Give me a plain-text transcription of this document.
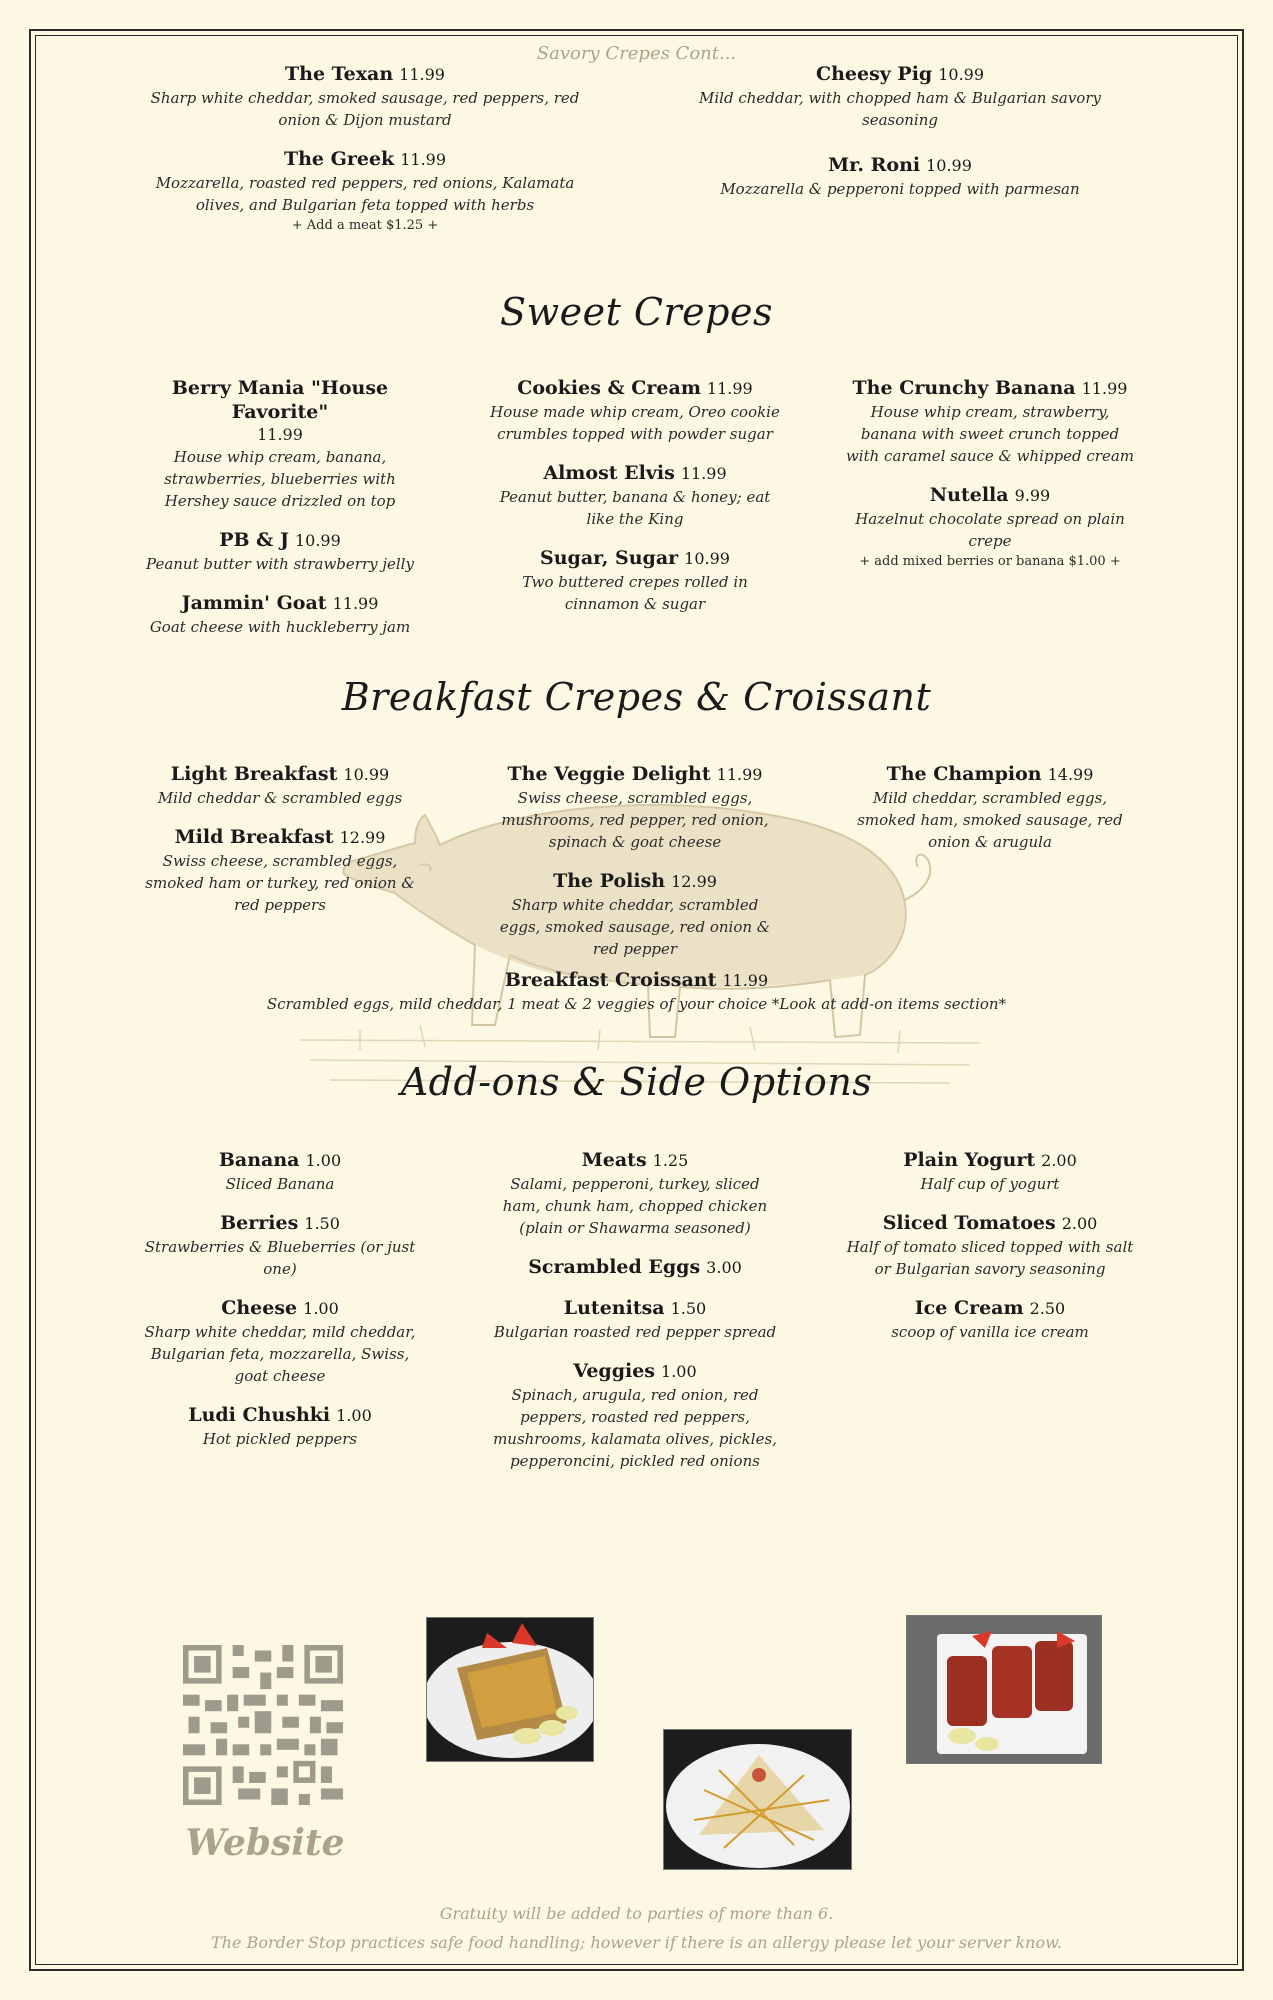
Savory Crepes Cont...
The Texan 11.99
Sharp white cheddar, smoked sausage, red peppers, red onion & Dijon mustard
The Greek 11.99
Mozzarella, roasted red peppers, red onions, Kalamata olives, and Bulgarian feta topped with herbs
+ Add a meat $1.25 +
Cheesy Pig 10.99
Mild cheddar, with chopped ham & Bulgarian savory seasoning
Mr. Roni 10.99
Mozzarella & pepperoni topped with parmesan
Sweet Crepes
Berry Mania "House Favorite"
11.99
House whip cream, banana, strawberries, blueberries with Hershey sauce drizzled on top
PB & J 10.99
Peanut butter with strawberry jelly
Jammin' Goat 11.99
Goat cheese with huckleberry jam
Cookies & Cream 11.99
House made whip cream, Oreo cookie crumbles topped with powder sugar
Almost Elvis 11.99
Peanut butter, banana & honey; eat like the King
Sugar, Sugar 10.99
Two buttered crepes rolled in cinnamon & sugar
The Crunchy Banana 11.99
House whip cream, strawberry, banana with sweet crunch topped with caramel sauce & whipped cream
Nutella 9.99
Hazelnut chocolate spread on plain crepe
+ add mixed berries or banana $1.00 +
Breakfast Crepes & Croissant
Light Breakfast 10.99
Mild cheddar & scrambled eggs
Mild Breakfast 12.99
Swiss cheese, scrambled eggs, smoked ham or turkey, red onion & red peppers
The Veggie Delight 11.99
Swiss cheese, scrambled eggs, mushrooms, red pepper, red onion, spinach & goat cheese
The Polish 12.99
Sharp white cheddar, scrambled eggs, smoked sausage, red onion & red pepper
The Champion 14.99
Mild cheddar, scrambled eggs, smoked ham, smoked sausage, red onion & arugula
Breakfast Croissant 11.99
Scrambled eggs, mild cheddar, 1 meat & 2 veggies of your choice *Look at add-on items section*
Add-ons & Side Options
Banana 1.00
Sliced Banana
Berries 1.50
Strawberries & Blueberries (or just one)
Cheese 1.00
Sharp white cheddar, mild cheddar, Bulgarian feta, mozzarella, Swiss, goat cheese
Ludi Chushki 1.00
Hot pickled peppers
Meats 1.25
Salami, pepperoni, turkey, sliced ham, chunk ham, chopped chicken (plain or Shawarma seasoned)
Scrambled Eggs 3.00
Lutenitsa 1.50
Bulgarian roasted red pepper spread
Veggies 1.00
Spinach, arugula, red onion, red peppers, roasted red peppers, mushrooms, kalamata olives, pickles, pepperoncini, pickled red onions
Plain Yogurt 2.00
Half cup of yogurt
Sliced Tomatoes 2.00
Half of tomato sliced topped with salt or Bulgarian savory seasoning
Ice Cream 2.50
scoop of vanilla ice cream
Website
Gratuity will be added to parties of more than 6.
The Border Stop practices safe food handling; however if there is an allergy please let your server know.
